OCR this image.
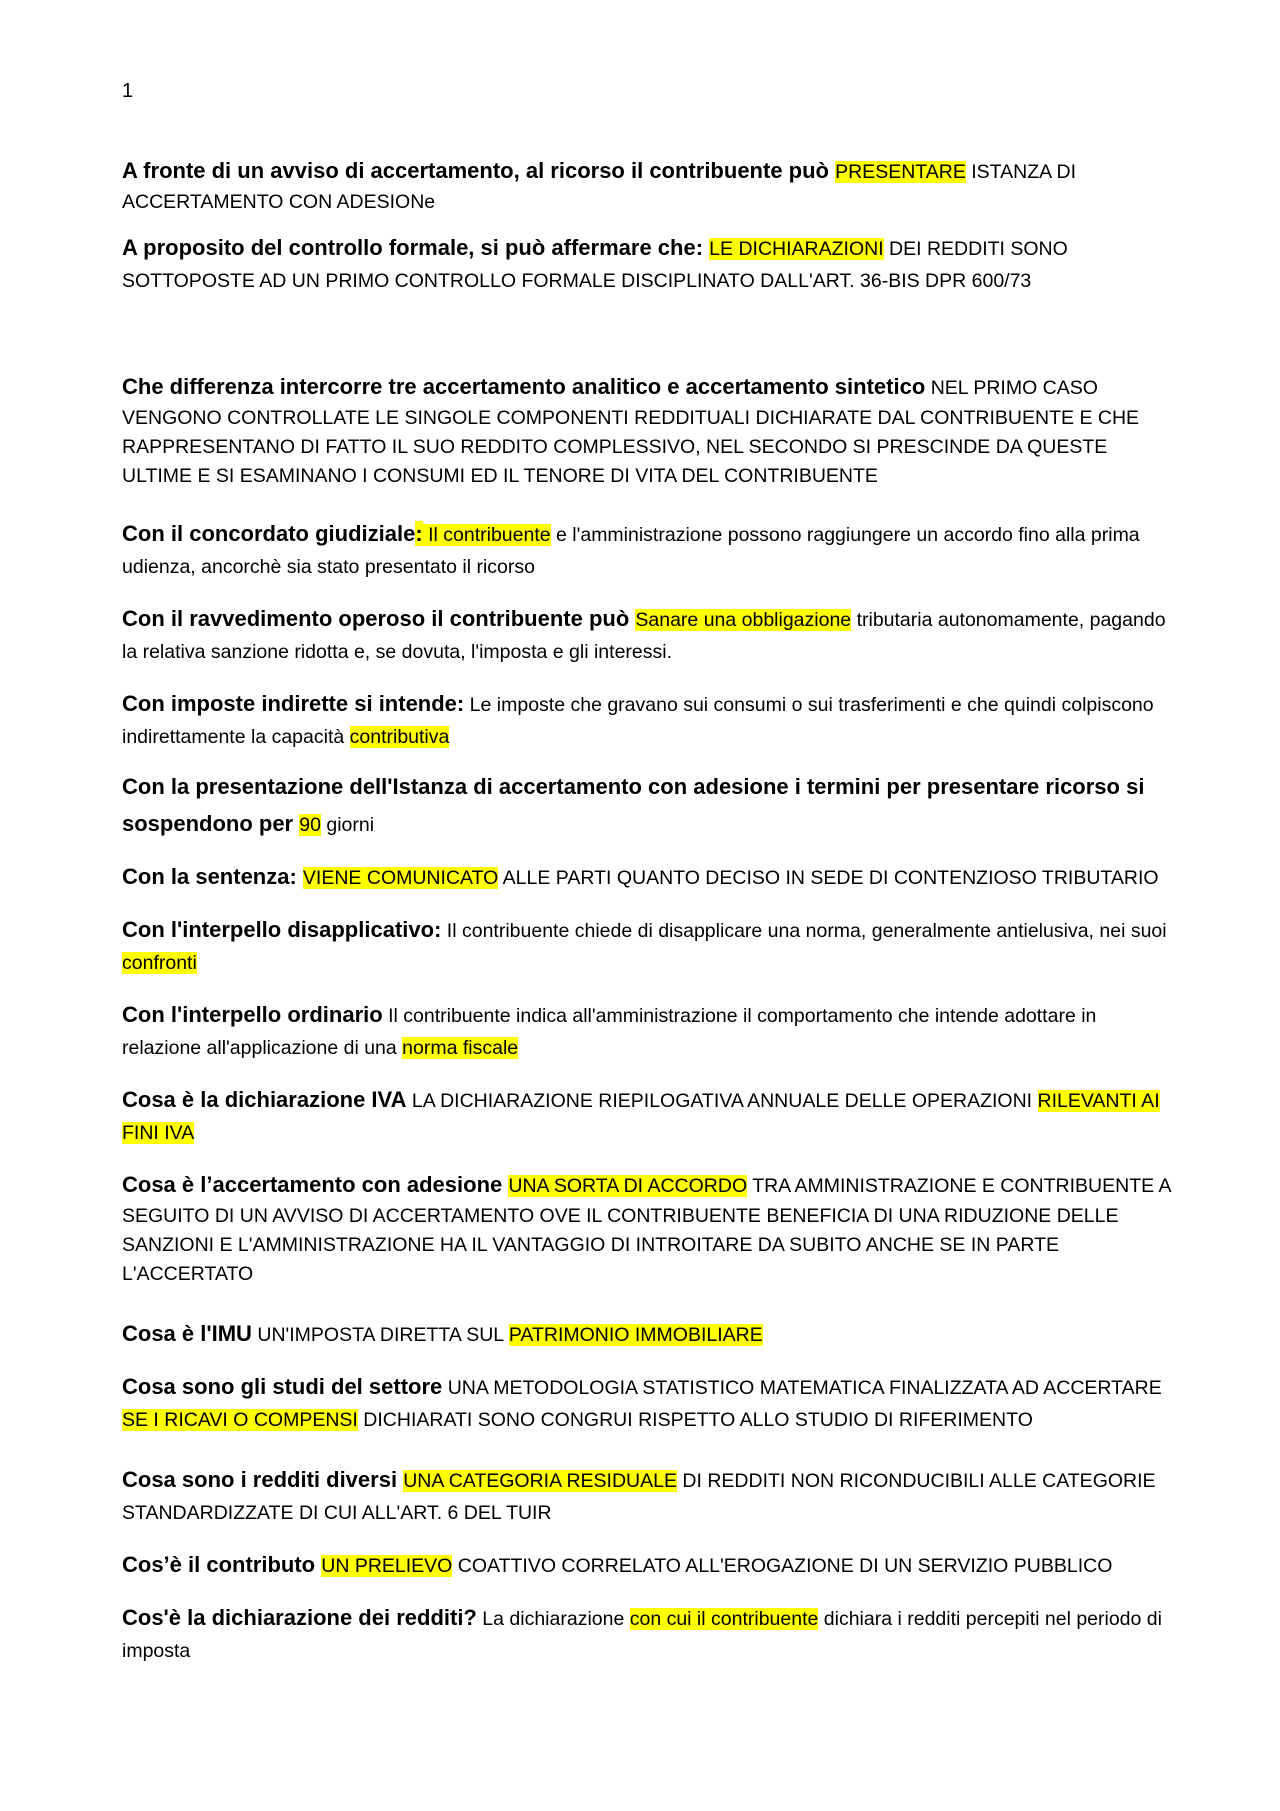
1

A fronte di un avviso di accertamento, al ricorso il contribuente può PRESENTARE ISTANZA DI ACCERTAMENTO CON ADESIONe

A proposito del controllo formale, si può affermare che: LE DICHIARAZIONI DEI REDDITI SONO SOTTOPOSTE AD UN PRIMO CONTROLLO FORMALE DISCIPLINATO DALL'ART. 36-BIS DPR 600/73

Che differenza intercorre tre accertamento analitico e accertamento sintetico NEL PRIMO CASO VENGONO CONTROLLATE LE SINGOLE COMPONENTI REDDITUALI DICHIARATE DAL CONTRIBUENTE E CHE RAPPRESENTANO DI FATTO IL SUO REDDITO COMPLESSIVO, NEL SECONDO SI PRESCINDE DA QUESTE ULTIME E SI ESAMINANO I CONSUMI ED IL TENORE DI VITA DEL CONTRIBUENTE

Con il concordato giudiziale: Il contribuente e l'amministrazione possono raggiungere un accordo fino alla prima udienza, ancorchè sia stato presentato il ricorso

Con il ravvedimento operoso il contribuente può Sanare una obbligazione tributaria autonomamente, pagando la relativa sanzione ridotta e, se dovuta, l'imposta e gli interessi.

Con imposte indirette si intende: Le imposte che gravano sui consumi o sui trasferimenti e che quindi colpiscono indirettamente la capacità contributiva

Con la presentazione dell'Istanza di accertamento con adesione i termini per presentare ricorso si sospendono per 90 giorni

Con la sentenza: VIENE COMUNICATO ALLE PARTI QUANTO DECISO IN SEDE DI CONTENZIOSO TRIBUTARIO

Con l'interpello disapplicativo: Il contribuente chiede di disapplicare una norma, generalmente antielusiva, nei suoi confronti

Con l'interpello ordinario Il contribuente indica all'amministrazione il comportamento che intende adottare in relazione all'applicazione di una norma fiscale

Cosa è la dichiarazione IVA LA DICHIARAZIONE RIEPILOGATIVA ANNUALE DELLE OPERAZIONI RILEVANTI AI FINI IVA

Cosa è l’accertamento con adesione UNA SORTA DI ACCORDO TRA AMMINISTRAZIONE E CONTRIBUENTE A SEGUITO DI UN AVVISO DI ACCERTAMENTO OVE IL CONTRIBUENTE BENEFICIA DI UNA RIDUZIONE DELLE SANZIONI E L'AMMINISTRAZIONE HA IL VANTAGGIO DI INTROITARE DA SUBITO ANCHE SE IN PARTE L'ACCERTATO

Cosa è l'IMU UN'IMPOSTA DIRETTA SUL PATRIMONIO IMMOBILIARE

Cosa sono gli studi del settore UNA METODOLOGIA STATISTICO MATEMATICA FINALIZZATA AD ACCERTARE SE I RICAVI O COMPENSI DICHIARATI SONO CONGRUI RISPETTO ALLO STUDIO DI RIFERIMENTO

Cosa sono i redditi diversi UNA CATEGORIA RESIDUALE DI REDDITI NON RICONDUCIBILI ALLE CATEGORIE STANDARDIZZATE DI CUI ALL'ART. 6 DEL TUIR

Cos’è il contributo UN PRELIEVO COATTIVO CORRELATO ALL'EROGAZIONE DI UN SERVIZIO PUBBLICO

Cos'è la dichiarazione dei redditi? La dichiarazione con cui il contribuente dichiara i redditi percepiti nel periodo di imposta
